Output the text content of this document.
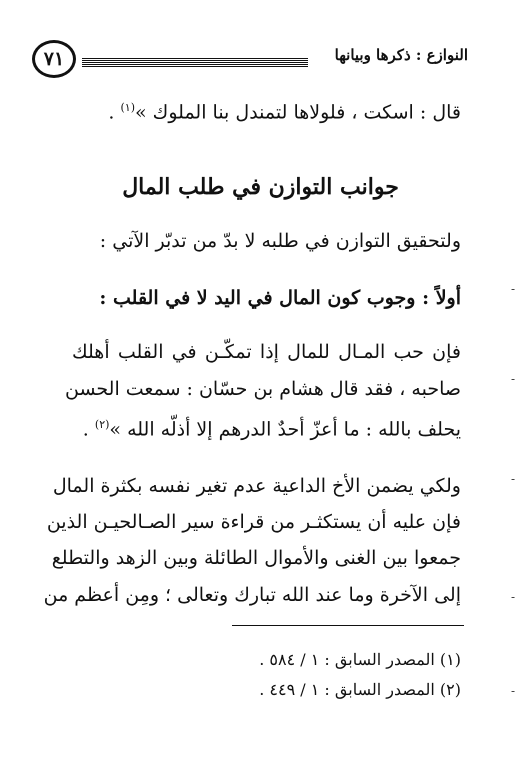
٧١	النوازع : ذكرها وبيانها
قال : اسكت ، فلولاها لتمندل بنا الملوك »$^{(١)}$ .
جوانب التوازن في طلب المال
ولتحقيق التوازن في طلبه لا بدّ من تدبّر الآتي :
أولاً : وجوب كون المال في اليد لا في القلب :
فإن حب المـال للمال إذا تمكّـن في القلب أهلك
صاحبه ، فقد قال هشام بن حسّان : سمعت الحسن
يحلف بالله : ما أعزّ أحدٌ الدرهم إلا أذلّه الله »$^{(٢)}$ .
ولكي يضمن الأخ الداعية عدم تغير نفسه بكثرة المال
فإن عليه أن يستكثـر من قراءة سير الصـالحيـن الذين
جمعوا بين الغنى والأموال الطائلة وبين الزهد والتطلع
إلى الآخرة وما عند الله تبارك وتعالى ؛ ومِن أعظم من
(١) المصدر السابق : ١ / ٥٨٤ .
(٢) المصدر السابق : ١ / ٤٤٩ .
-
-
-
-
-
